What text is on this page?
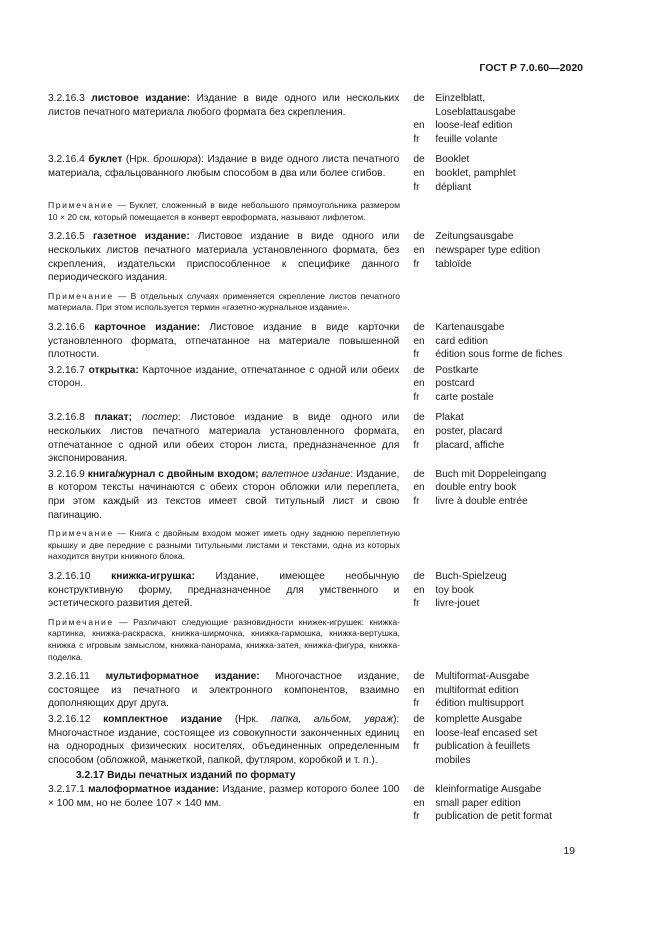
ГОСТ Р 7.0.60—2020
3.2.16.3 листовое издание: Издание в виде одного или нескольких листов печатного материала любого формата без скрепления.
de	Einzelblatt,
Loseblattausgabe
en	loose-leaf edition
fr	feuille volante
3.2.16.4 буклет (Нрк. брошюра): Издание в виде одного листа печатного материала, сфальцованного любым способом в два или более сгибов.
de	Booklet
en	booklet, pamphlet
fr	dépliant
Примечание — Буклет, сложенный в виде небольшого прямоугольника размером 10 × 20 см, который помещается в конверт евроформата, называют лифлетом.
3.2.16.5 газетное издание: Листовое издание в виде одного или нескольких листов печатного материала установленного формата, без скрепления, издательски приспособленное к специфике данного периодического издания.
de	Zeitungsausgabe
en	newspaper type edition
fr	tabloïde
Примечание — В отдельных случаях применяется скрепление листов печатного материала. При этом используется термин «газетно-журнальное издание».
3.2.16.6 карточное издание: Листовое издание в виде карточки установленного формата, отпечатанное на материале повышенной плотности.
de	Kartenausgabe
en	card edition
fr	édition sous forme de fiches
3.2.16.7 открытка: Карточное издание, отпечатанное с одной или обеих сторон.
de	Postkarte
en	postcard
fr	carte postale
3.2.16.8 плакат; постер: Листовое издание в виде одного или нескольких листов печатного материала установленного формата, отпечатанное с одной или обеих сторон листа, предназначенное для экспонирования.
de	Plakat
en	poster, placard
fr	placard, affiche
3.2.16.9 книга/журнал с двойным входом; валетное издание: Издание, в котором тексты начинаются с обеих сторон обложки или переплета, при этом каждый из текстов имеет свой титульный лист и свою пагинацию.
de	Buch mit Doppeleingang
en	double entry book
fr	livre à double entrée
Примечание — Книга с двойным входом может иметь одну заднюю переплетную крышку и две передние с разными титульными листами и текстами, одна из которых находится внутри книжного блока.
3.2.16.10 книжка-игрушка: Издание, имеющее необычную конструктивную форму, предназначенное для умственного и эстетического развития детей.
de	Buch-Spielzeug
en	toy book
fr	livre-jouet
Примечание — Различают следующие разновидности книжек-игрушек: книжка-картинка, книжка-раскраска, книжка-ширмочка, книжка-гармошка, книжка-вертушка, книжка с игровым замыслом, книжка-панорама, книжка-затея, книжка-фигура, книжка-поделка.
3.2.16.11 мультиформатное издание: Многочастное издание, состоящее из печатного и электронного компонентов, взаимно дополняющих друг друга.
de	Multiformat-Ausgabe
en	multiformat edition
fr	édition multisupport
3.2.16.12 комплектное издание (Нрк. папка, альбом, увраж): Многочастное издание, состоящее из совокупности законченных единиц на однородных физических носителях, объединенных определенным способом (обложкой, манжеткой, папкой, футляром, коробкой и т. п.).
de	komplette Ausgabe
en	loose-leaf encased set
fr	publication à feuillets
mobiles
3.2.17 Виды печатных изданий по формату
3.2.17.1 малоформатное издание: Издание, размер которого более 100 × 100 мм, но не более 107 × 140 мм.
de	kleinformatige Ausgabe
en	small paper edition
fr	publication de petit format
19
